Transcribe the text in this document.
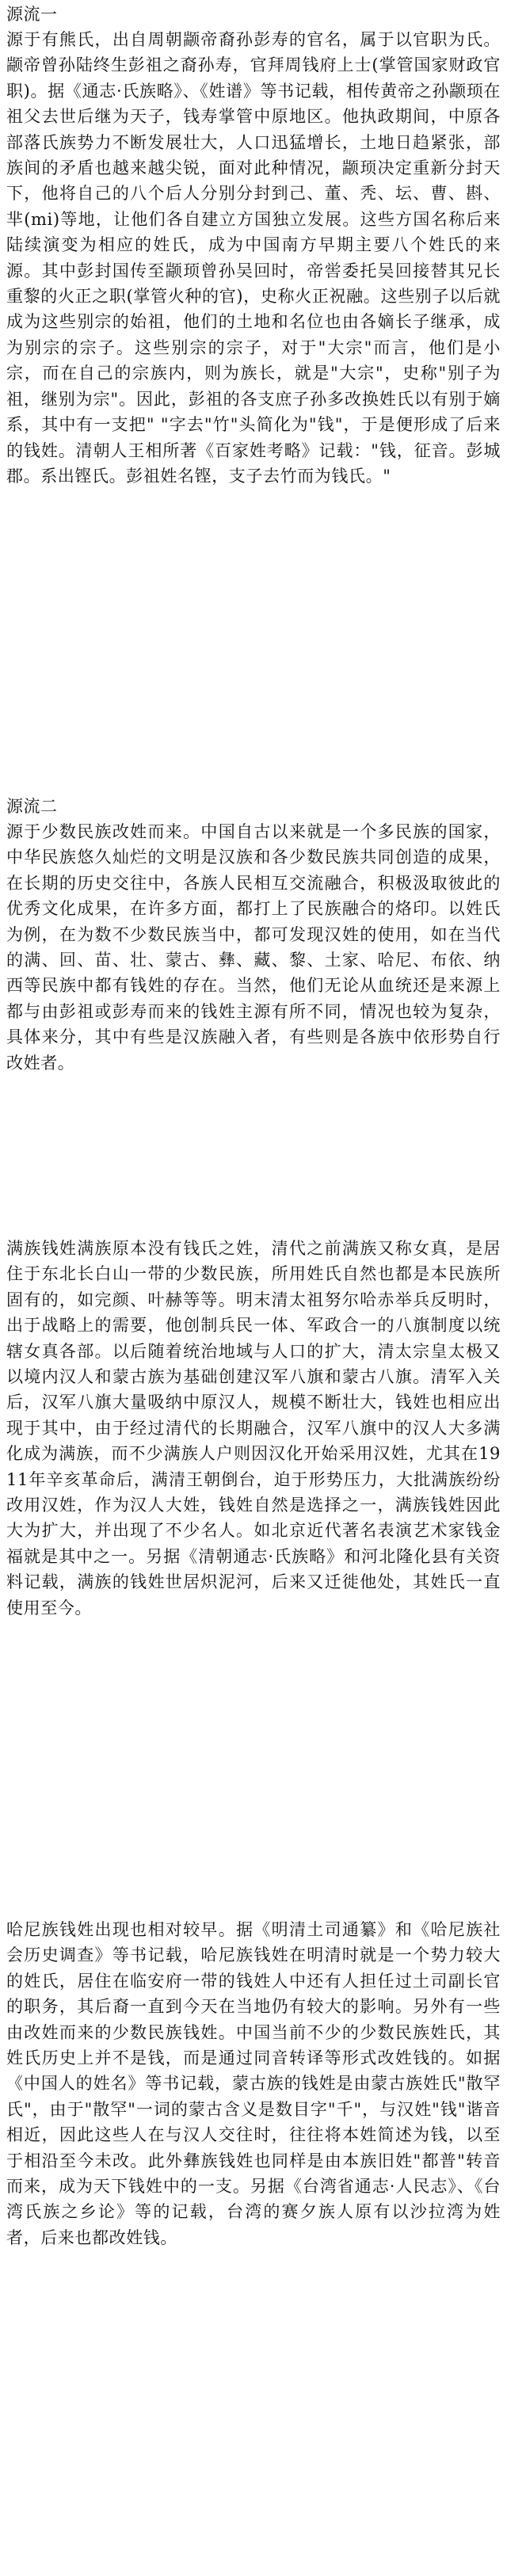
源流一

源于有熊氏，出自周朝颛帝裔孙彭寿的官名，属于以官职为氏。颛帝曾孙陆终生彭祖之裔孙寿，官拜周钱府上士(掌管国家财政官职)。据《通志·氏族略》、《姓谱》等书记载，相传黄帝之孙颛顼在祖父去世后继为天子，钱寿掌管中原地区。他执政期间，中原各部落氏族势力不断发展壮大，人口迅猛增长，土地日趋紧张，部族间的矛盾也越来越尖锐，面对此种情况，颛顼决定重新分封天下，他将自己的八个后人分别分封到己、董、秃、坛、曹、斟、芈(mi)等地，让他们各自建立方国独立发展。这些方国名称后来陆续演变为相应的姓氏，成为中国南方早期主要八个姓氏的来源。其中彭封国传至颛顼曾孙吴回时，帝喾委托吴回接替其兄长重黎的火正之职(掌管火种的官)，史称火正祝融。这些别子以后就成为这些别宗的始祖，他们的土地和名位也由各嫡长子继承，成为别宗的宗子。这些别宗的宗子，对于"大宗"而言，他们是小宗，而在自己的宗族内，则为族长，就是"大宗"，史称"别子为祖，继别为宗"。因此，彭祖的各支庶子孙多改换姓氏以有别于嫡系，其中有一支把" "字去"竹"头简化为"钱"，于是便形成了后来的钱姓。清朝人王相所著《百家姓考略》记载："钱，征音。彭城郡。系出铿氏。彭祖姓名铿，支子去竹而为钱氏。"

源流二

源于少数民族改姓而来。中国自古以来就是一个多民族的国家，中华民族悠久灿烂的文明是汉族和各少数民族共同创造的成果，在长期的历史交往中，各族人民相互交流融合，积极汲取彼此的优秀文化成果，在许多方面，都打上了民族融合的烙印。以姓氏为例，在为数不少数民族当中，都可发现汉姓的使用，如在当代的满、回、苗、壮、蒙古、彝、藏、黎、土家、哈尼、布依、纳西等民族中都有钱姓的存在。当然，他们无论从血统还是来源上都与由彭祖或彭寿而来的钱姓主源有所不同，情况也较为复杂，具体来分，其中有些是汉族融入者，有些则是各族中依形势自行改姓者。

满族钱姓满族原本没有钱氏之姓，清代之前满族又称女真，是居住于东北长白山一带的少数民族，所用姓氏自然也都是本民族所固有的，如完颜、叶赫等等。明末清太祖努尔哈赤举兵反明时，出于战略上的需要，他创制兵民一体、军政合一的八旗制度以统辖女真各部。以后随着统治地域与人口的扩大，清太宗皇太极又以境内汉人和蒙古族为基础创建汉军八旗和蒙古八旗。清军入关后，汉军八旗大量吸纳中原汉人，规模不断壮大，钱姓也相应出现于其中，由于经过清代的长期融合，汉军八旗中的汉人大多满化成为满族，而不少满族人户则因汉化开始采用汉姓，尤其在1911年辛亥革命后，满清王朝倒台，迫于形势压力，大批满族纷纷改用汉姓，作为汉人大姓，钱姓自然是选择之一，满族钱姓因此大为扩大，并出现了不少名人。如北京近代著名表演艺术家钱金福就是其中之一。另据《清朝通志·氏族略》和河北隆化县有关资料记载，满族的钱姓世居炽泥河，后来又迁徙他处，其姓氏一直使用至今。

哈尼族钱姓出现也相对较早。据《明清土司通纂》和《哈尼族社会历史调查》等书记载，哈尼族钱姓在明清时就是一个势力较大的姓氏，居住在临安府一带的钱姓人中还有人担任过土司副长官的职务，其后裔一直到今天在当地仍有较大的影响。另外有一些由改姓而来的少数民族钱姓。中国当前不少的少数民族姓氏，其姓氏历史上并不是钱，而是通过同音转译等形式改姓钱的。如据《中国人的姓名》等书记载，蒙古族的钱姓是由蒙古族姓氏"散罕氏"，由于"散罕"一词的蒙古含义是数目字"千"，与汉姓"钱"谐音相近，因此这些人在与汉人交往时，往往将本姓简述为钱，以至于相沿至今未改。此外彝族钱姓也同样是由本族旧姓"都普"转音而来，成为天下钱姓中的一支。另据《台湾省通志·人民志》、《台湾氏族之乡论》等的记载，台湾的赛夕族人原有以沙拉湾为姓者，后来也都改姓钱。
